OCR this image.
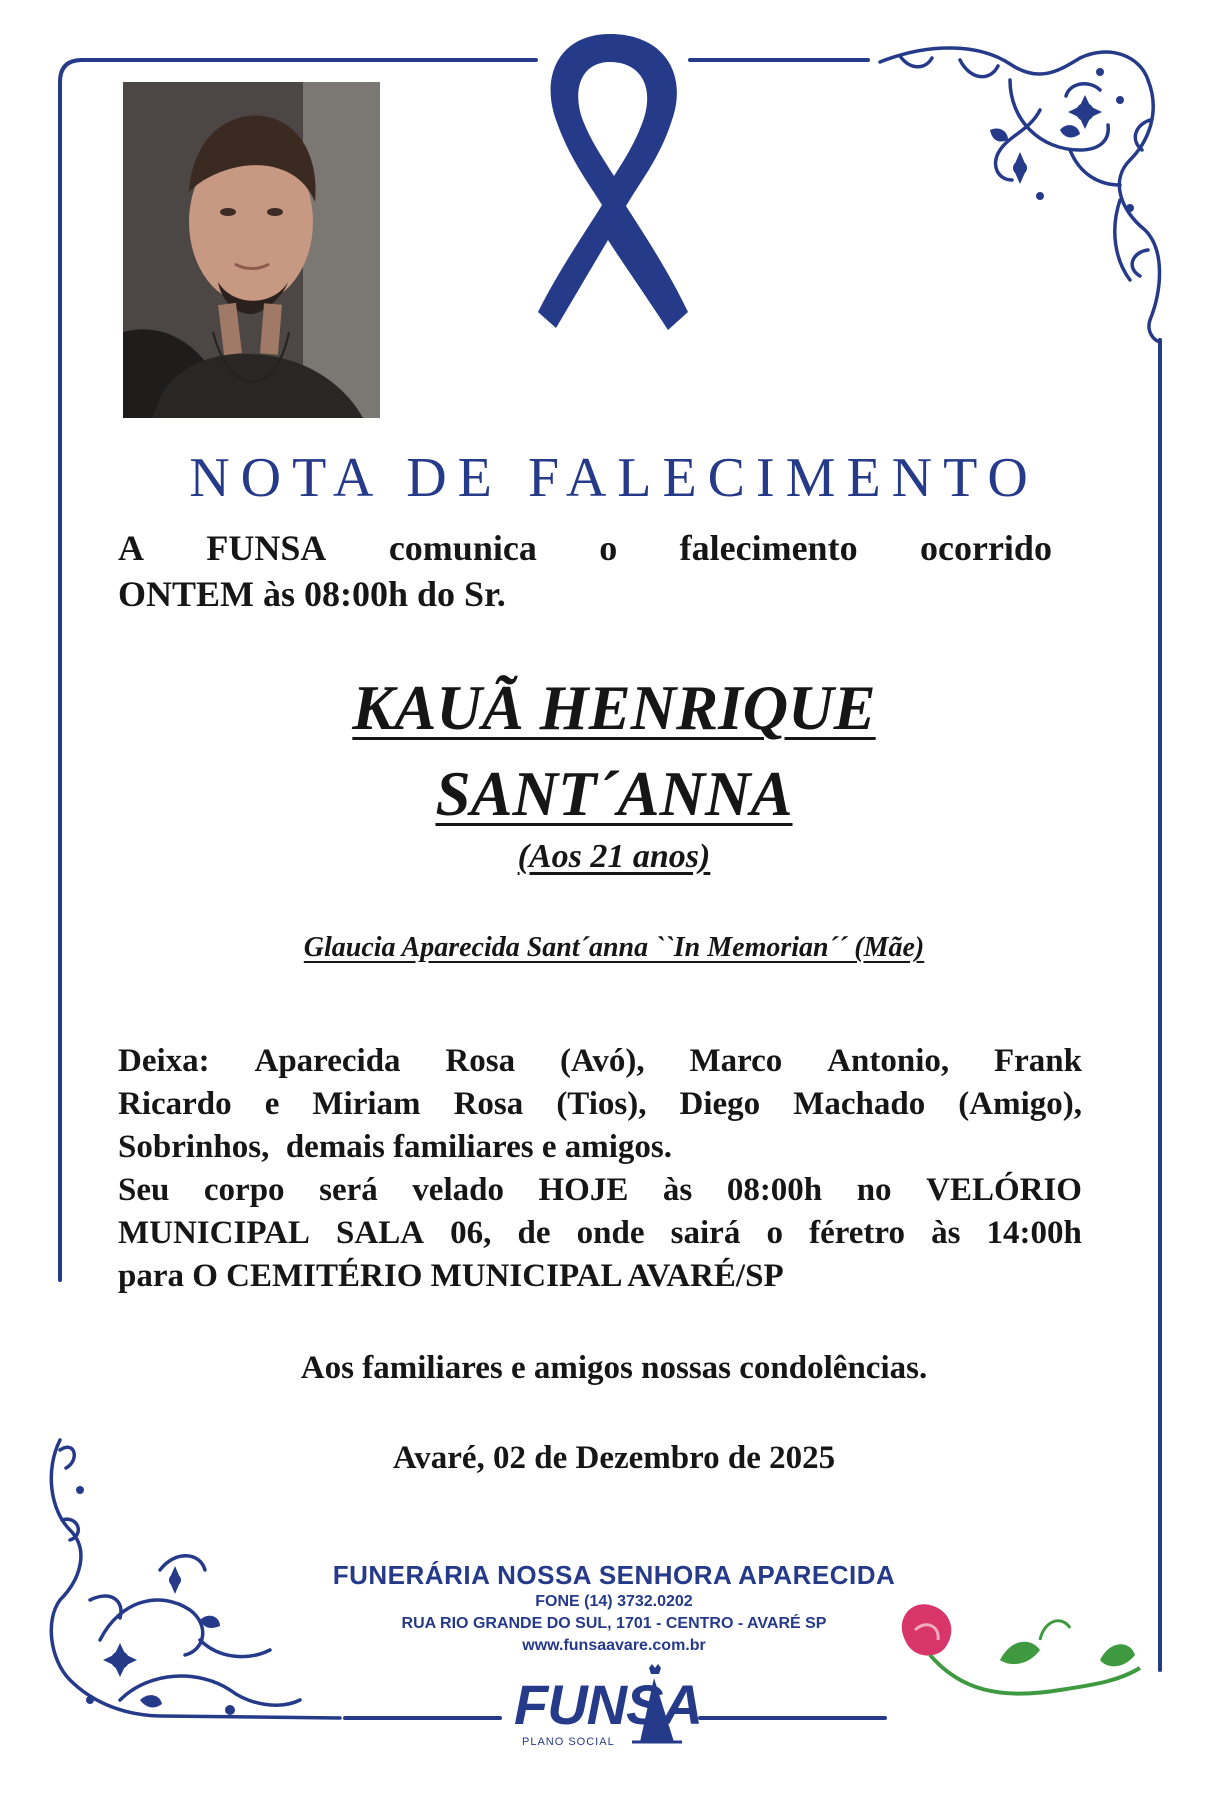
NOTA DE FALECIMENTO
A FUNSA comunica o falecimento ocorrido
ONTEM às 08:00h do Sr.
KAUÃ HENRIQUE
SANT´ANNA
(Aos 21 anos)
Glaucia Aparecida Sant´anna ``In Memorian´´ (Mãe)
Deixa: Aparecida Rosa (Avó), Marco Antonio, Frank
Ricardo e Miriam Rosa (Tios), Diego Machado (Amigo),
Sobrinhos,  demais familiares e amigos.
Seu corpo será velado HOJE às 08:00h no VELÓRIO
MUNICIPAL SALA 06, de onde sairá o féretro às 14:00h
para O CEMITÉRIO MUNICIPAL AVARÉ/SP
Aos familiares e amigos nossas condolências.
Avaré, 02 de Dezembro de 2025
FUNERÁRIA NOSSA SENHORA APARECIDA
FONE (14) 3732.0202
RUA RIO GRANDE DO SUL, 1701 - CENTRO - AVARÉ SP
www.funsaavare.com.br
FUNSA
PLANO SOCIAL
